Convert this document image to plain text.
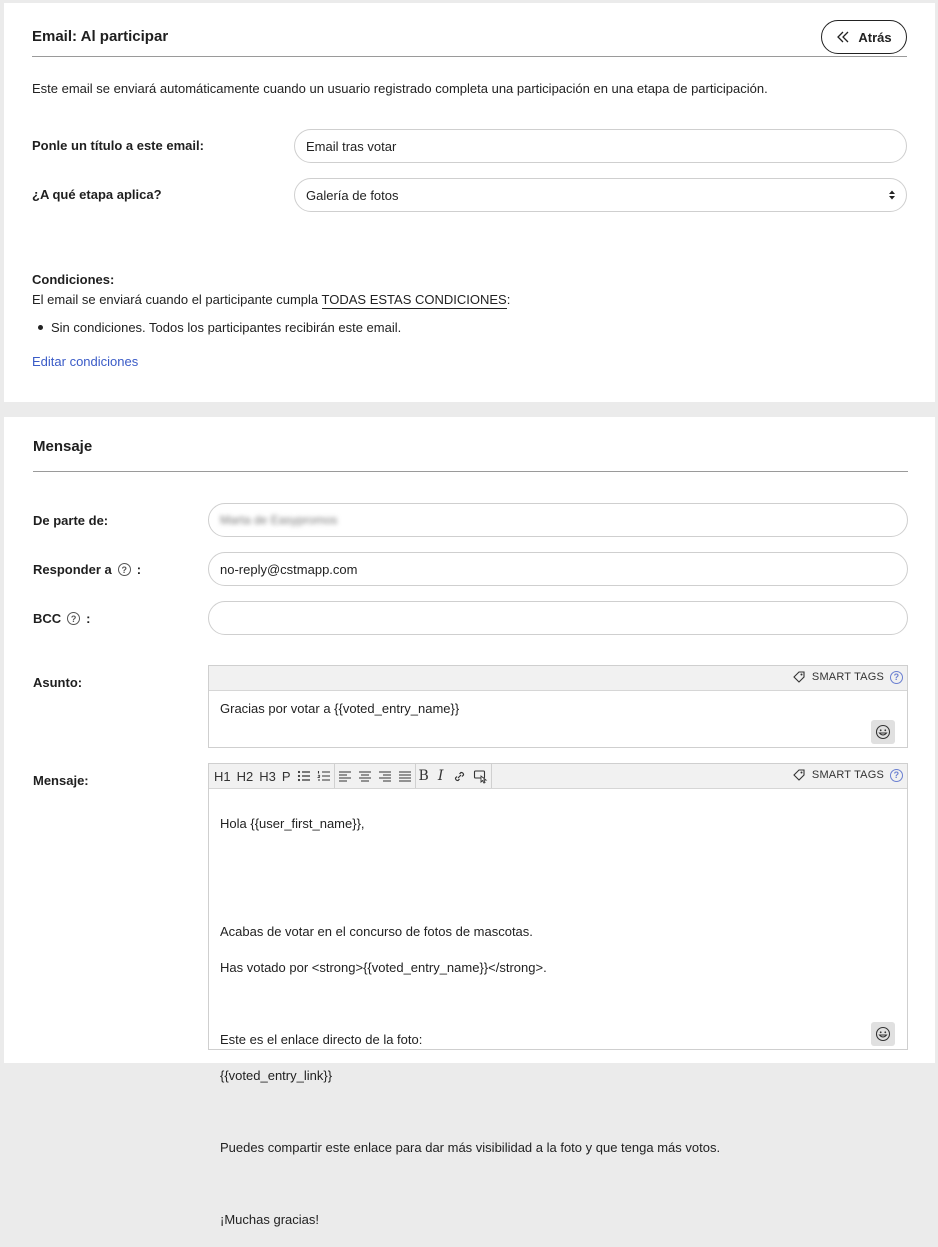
Email: Al participar	Atrás
Este email se enviará automáticamente cuando un usuario registrado completa una participación en una etapa de participación.
Ponle un título a este email:	Email tras votar
¿A qué etapa aplica?	Galería de fotos
Condiciones:
El email se enviará cuando el participante cumpla TODAS ESTAS CONDICIONES:
Sin condiciones. Todos los participantes recibirán este email.
Editar condiciones
Mensaje
De parte de:	Marta de Easypromos
Responder a	? :	no-reply@cstmapp.com
BCC	? :
Asunto:	SMART TAGS	?
Gracias por votar a {{voted_entry_name}}
Mensaje:	H1 H2 H3 P	B I	SMART TAGS	?

Hola {{user_first_name}},

Acabas de votar en el concurso de fotos de mascotas.

Has votado por <strong>{{voted_entry_name}}</strong>.

Este es el enlace directo de la foto:

{{voted_entry_link}}

Puedes compartir este enlace para dar más visibilidad a la foto y que tenga más votos.

¡Muchas gracias!
